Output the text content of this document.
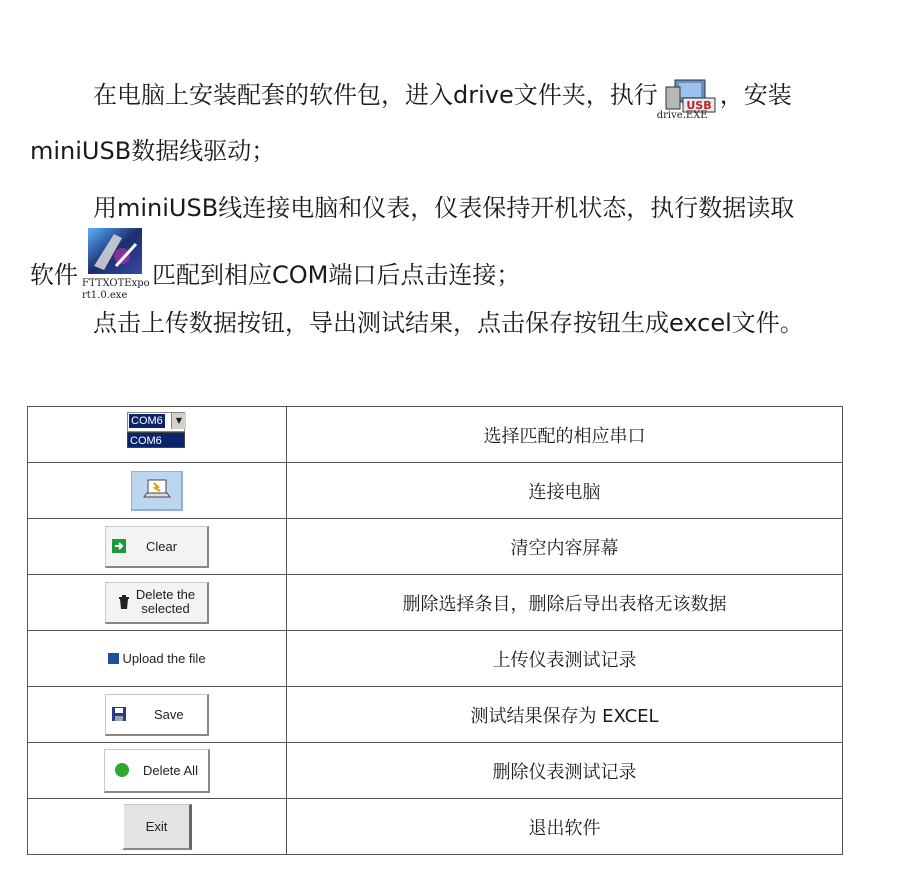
在电脑上安装配套的软件包，进入drive文件夹，执行	USB
drive.EXE
，安装
miniUSB数据线驱动；
用miniUSB线连接电脑和仪表，仪表保持开机状态，执行数据读取
软件 FTTXOTExpo
rt1.0.exe
匹配到相应COM端口后点击连接；
点击上传数据按钮，导出测试结果，点击保存按钮生成excel文件。
COM6 ▼
COM6	选择匹配的相应串口

	连接电脑

Clear	清空内容屏幕

Delete the
selected	删除选择条目，删除后导出表格无该数据

Upload the file	上传仪表测试记录

Save	测试结果保存为 EXCEL

Delete All	删除仪表测试记录

Exit	退出软件
